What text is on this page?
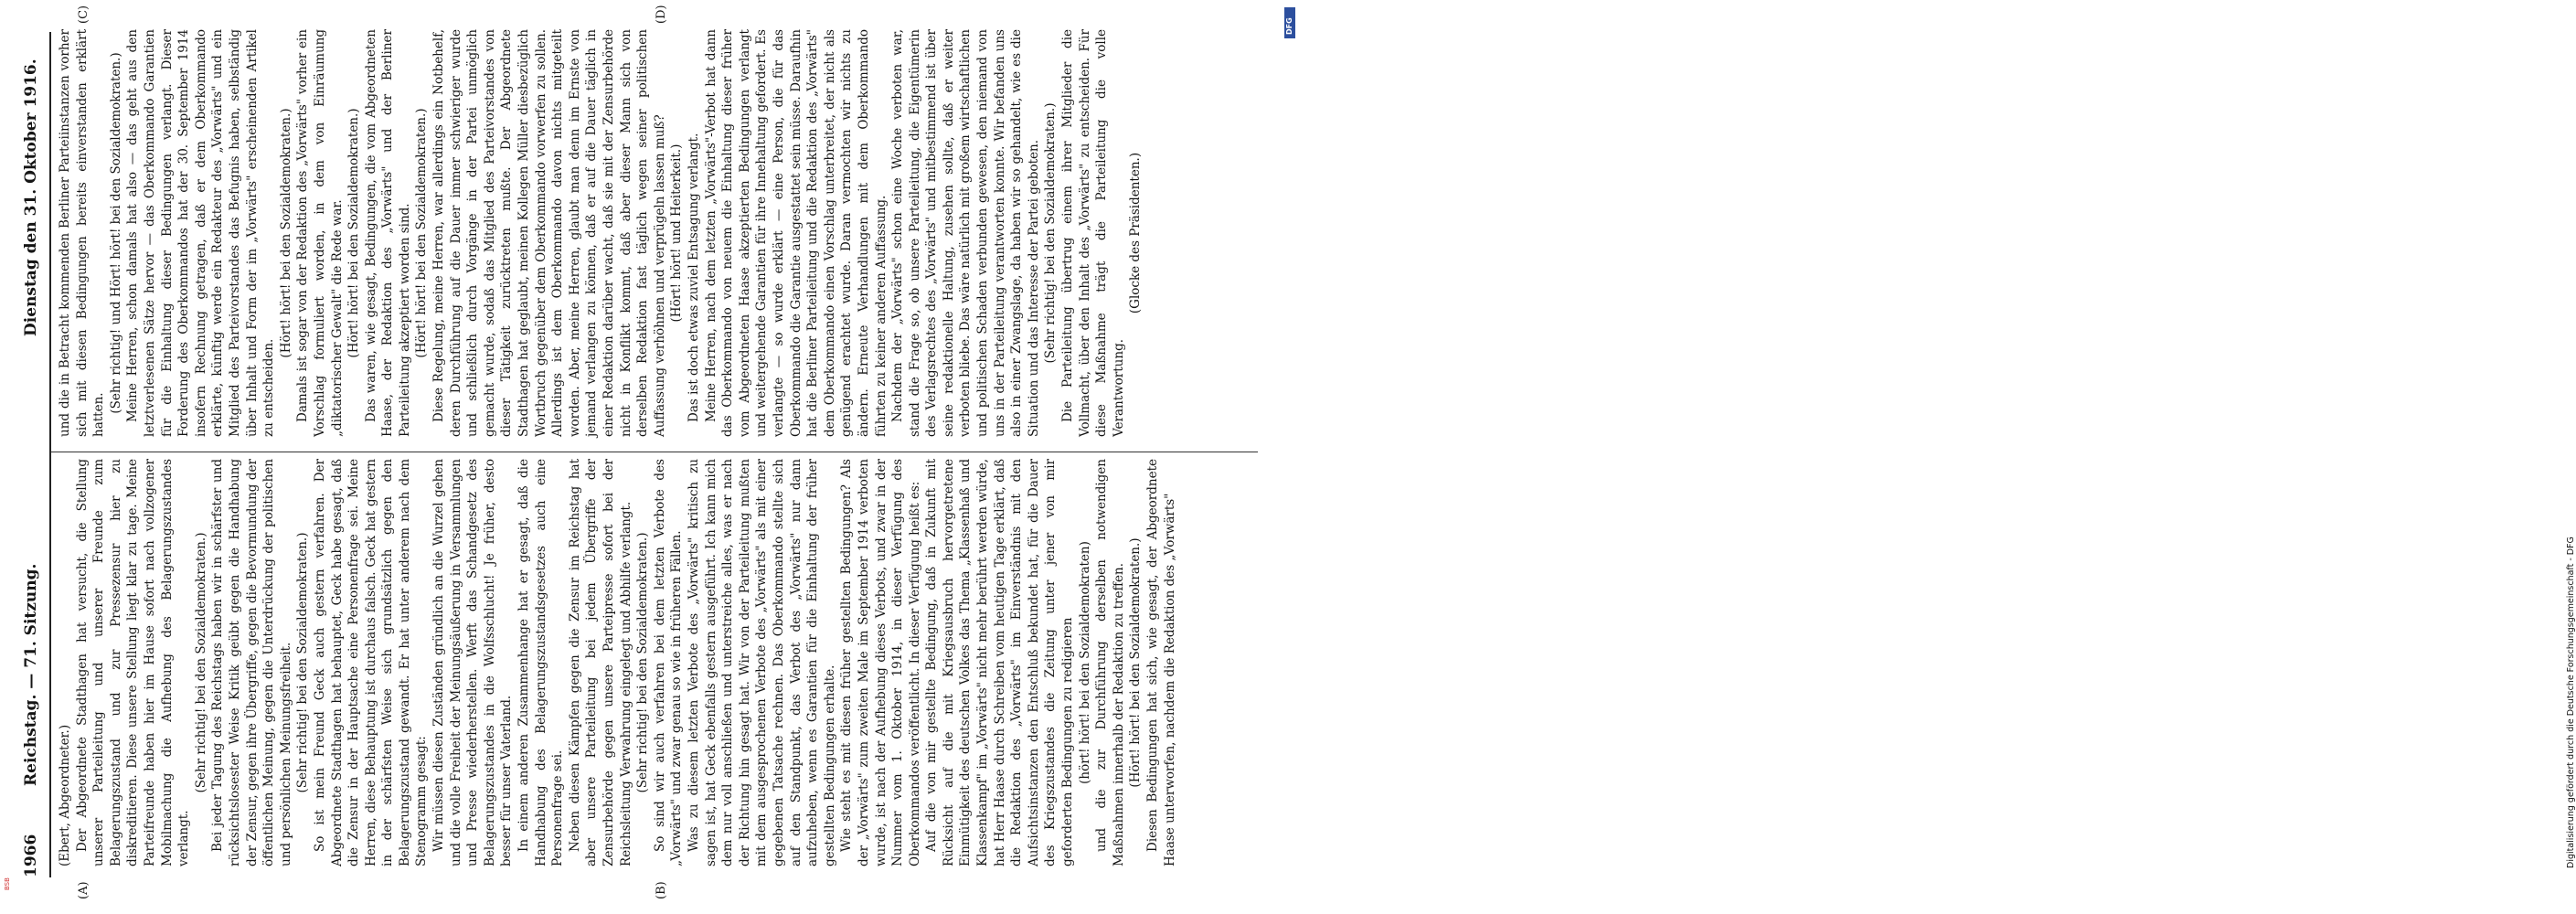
1966
Reichstag. — 71. Sitzung.
Dienstag den 31. Oktober 1916.
(A)	(B)
(C)	(D)

(Ebert, Abgeordneter.) Der Abgeordnete Stadthagen hat versucht, die Stellung unserer Parteileitung und unserer Freunde zum Belagerungszustand und zur Pressezensur hier zu diskreditieren. Diese unsere Stellung liegt klar zu tage. Meine Parteifreunde haben hier im Hause sofort nach vollzogener Mobilmachung die Aufhebung des Belagerungszustandes verlangt.

(Sehr richtig! bei den Sozialdemokraten.) Bei jeder Tagung des Reichstags haben wir in schärfster und rücksichtslosester Weise Kritik geübt gegen die Handhabung der Zensur, gegen ihre Übergriffe, gegen die Bevormundung der öffentlichen Meinung, gegen die Unterdrückung der politischen und persönlichen Meinungsfreiheit. (Sehr richtig! bei den Sozialdemokraten.) So ist mein Freund Geck auch gestern verfahren. Der Abgeordnete Stadthagen hat behauptet, Geck habe gesagt, daß die Zensur in der Hauptsache eine Personenfrage sei. Meine Herren, diese Behauptung ist durchaus falsch. Geck hat gestern in der schärfsten Weise sich grundsätzlich gegen den Belagerungszustand gewandt. Er hat unter anderem nach dem Stenogramm gesagt: Wir müssen diesen Zuständen gründlich an die Wurzel gehen und die volle Freiheit der Meinungsäußerung in Versammlungen und Presse wiederherstellen. Werft das Schandgesetz des Belagerungszustandes in die Wolfsschlucht! Je früher, desto besser für unser Vaterland. In einem anderen Zusammenhange hat er gesagt, daß die Handhabung des Belagerungszustandsgesetzes auch eine Personenfrage sei. Neben diesen Kämpfen gegen die Zensur im Reichstag hat aber unsere Parteileitung bei jedem Übergriffe der Zensurbehörde gegen unsere Parteipresse sofort bei der Reichsleitung Verwahrung eingelegt und Abhilfe verlangt. (Sehr richtig! bei den Sozialdemokraten.) So sind wir auch verfahren bei dem letzten Verbote des „Vorwärts" und zwar genau so wie in früheren Fällen. Was zu diesem letzten Verbote des „Vorwärts" kritisch zu sagen ist, hat Geck ebenfalls gestern ausgeführt. Ich kann mich dem nur voll anschließen und unterstreiche alles, was er nach der Richtung hin gesagt hat. Wir von der Parteileitung mußten mit dem ausgesprochenen Verbote des „Vorwärts" als mit einer gegebenen Tatsache rechnen. Das Oberkommando stellte sich auf den Standpunkt, das Verbot des „Vorwärts" nur dann aufzuheben, wenn es Garantien für die Einhaltung der früher gestellten Bedingungen erhalte. Wie steht es mit diesen früher gestellten Bedingungen? Als der „Vorwärts" zum zweiten Male im September 1914 verboten wurde, ist nach der Aufhebung dieses Verbots, und zwar in der Nummer vom 1. Oktober 1914, in dieser Verfügung des Oberkommandos veröffentlicht. In dieser Verfügung heißt es: Auf die von mir gestellte Bedingung, daß in Zukunft mit Rücksicht auf die mit Kriegsausbruch hervorgetretene Einmütigkeit des deutschen Volkes das Thema „Klassenhaß und Klassenkampf" im „Vorwärts" nicht mehr berührt werden würde, hat Herr Haase durch Schreiben vom heutigen Tage erklärt, daß die Redaktion des „Vorwärts" im Einverständnis mit den Aufsichtsinstanzen den Entschluß bekundet hat, für die Dauer des Kriegszustandes die Zeitung unter jener von mir geforderten Bedingungen zu redigieren (hört! hört! bei den Sozialdemokraten) und die zur Durchführung derselben notwendigen Maßnahmen innerhalb der Redaktion zu treffen. (Hört! hört! bei den Sozialdemokraten.) Diesen Bedingungen hat sich, wie gesagt, der Abgeordnete Haase unterworfen, nachdem die Redaktion des „Vorwärts"

und die in Betracht kommenden Berliner Parteiinstanzen vorher sich mit diesen Bedingungen bereits einverstanden erklärt hatten.

(Sehr richtig! und Hört! hört! bei den Sozialdemokraten.) Meine Herren, schon damals hat also — das geht aus den letztverlesenen Sätze hervor — das Oberkommando Garantien für die Einhaltung dieser Bedingungen verlangt. Dieser Forderung des Oberkommandos hat der 30. September 1914 insofern Rechnung getragen, daß er dem Oberkommando erklärte, künftig werde ein Redakteur des „Vorwärts" und ein Mitglied des Parteivorstandes das Befugnis haben, selbständig über Inhalt und Form der im „Vorwärts" erscheinenden Artikel zu entscheiden.

(Hört! hört! bei den Sozialdemokraten.) Damals ist sogar von der Redaktion des „Vorwärts" vorher ein Vorschlag formuliert worden, in dem von Einräumung „diktatorischer Gewalt" die Rede war. (Hört! hört! bei den Sozialdemokraten.) Das waren, wie gesagt, Bedingungen, die vom Abgeordneten Haase, der Redaktion des „Vorwärts" und der Berliner Parteileitung akzeptiert worden sind. (Hört! hört! bei den Sozialdemokraten.) Diese Regelung, meine Herren, war allerdings ein Notbehelf, deren Durchführung auf die Dauer immer schwieriger wurde und schließlich durch Vorgänge in der Partei unmöglich gemacht wurde, sodaß das Mitglied des Parteivorstandes von dieser Tätigkeit zurücktreten mußte. Der Abgeordnete Stadthagen hat geglaubt, meinen Kollegen Müller diesbezüglich Wortbruch gegenüber dem Oberkommando vorwerfen zu sollen. Allerdings ist dem Oberkommando davon nichts mitgeteilt worden. Aber, meine Herren, glaubt man denn im Ernste von jemand verlangen zu können, daß er auf die Dauer täglich in einer Redaktion darüber wacht, daß sie mit der Zensurbehörde nicht in Konflikt kommt, daß aber dieser Mann sich von derselben Redaktion fast täglich wegen seiner politischen Auffassung verhöhnen und verprügeln lassen muß? (Hört! hört! und Heiterkeit.) Das ist doch etwas zuviel Entsagung verlangt. Meine Herren, nach dem letzten „Vorwärts"-Verbot hat dann das Oberkommando von neuem die Einhaltung dieser früher vom Abgeordneten Haase akzeptierten Bedingungen verlangt und weitergehende Garantien für ihre Innehaltung gefordert. Es verlangte — so wurde erklärt — eine Person, die für das Oberkommando die Garantie ausgestattet sein müsse. Daraufhin hat die Berliner Parteileitung und die Redaktion des „Vorwärts" dem Oberkommando einen Vorschlag unterbreitet, der nicht als genügend erachtet wurde. Daran vermochten wir nichts zu ändern. Erneute Verhandlungen mit dem Oberkommando führten zu keiner anderen Auffassung. Nachdem der „Vorwärts" schon eine Woche verboten war, stand die Frage so, ob unsere Parteileitung, die Eigentümerin des Verlagsrechtes des „Vorwärts" und mitbestimmend ist über seine redaktionelle Haltung, zusehen sollte, daß er weiter verboten bliebe. Das wäre natürlich mit großem wirtschaftlichen und politischen Schaden verbunden gewesen, den niemand von uns in der Parteileitung verantworten konnte. Wir befanden uns also in einer Zwangslage, da haben wir so gehandelt, wie es die Situation und das Interesse der Partei geboten. (Sehr richtig! bei den Sozialdemokraten.) Die Parteileitung übertrug einem ihrer Mitglieder die Vollmacht, über den Inhalt des „Vorwärts" zu entscheiden. Für diese Maßnahme trägt die Parteileitung die volle Verantwortung.

(Glocke des Präsidenten.)

Digitalisierung gefördert durch die Deutsche Forschungsgemeinschaft - DFG
DFG
BSB
